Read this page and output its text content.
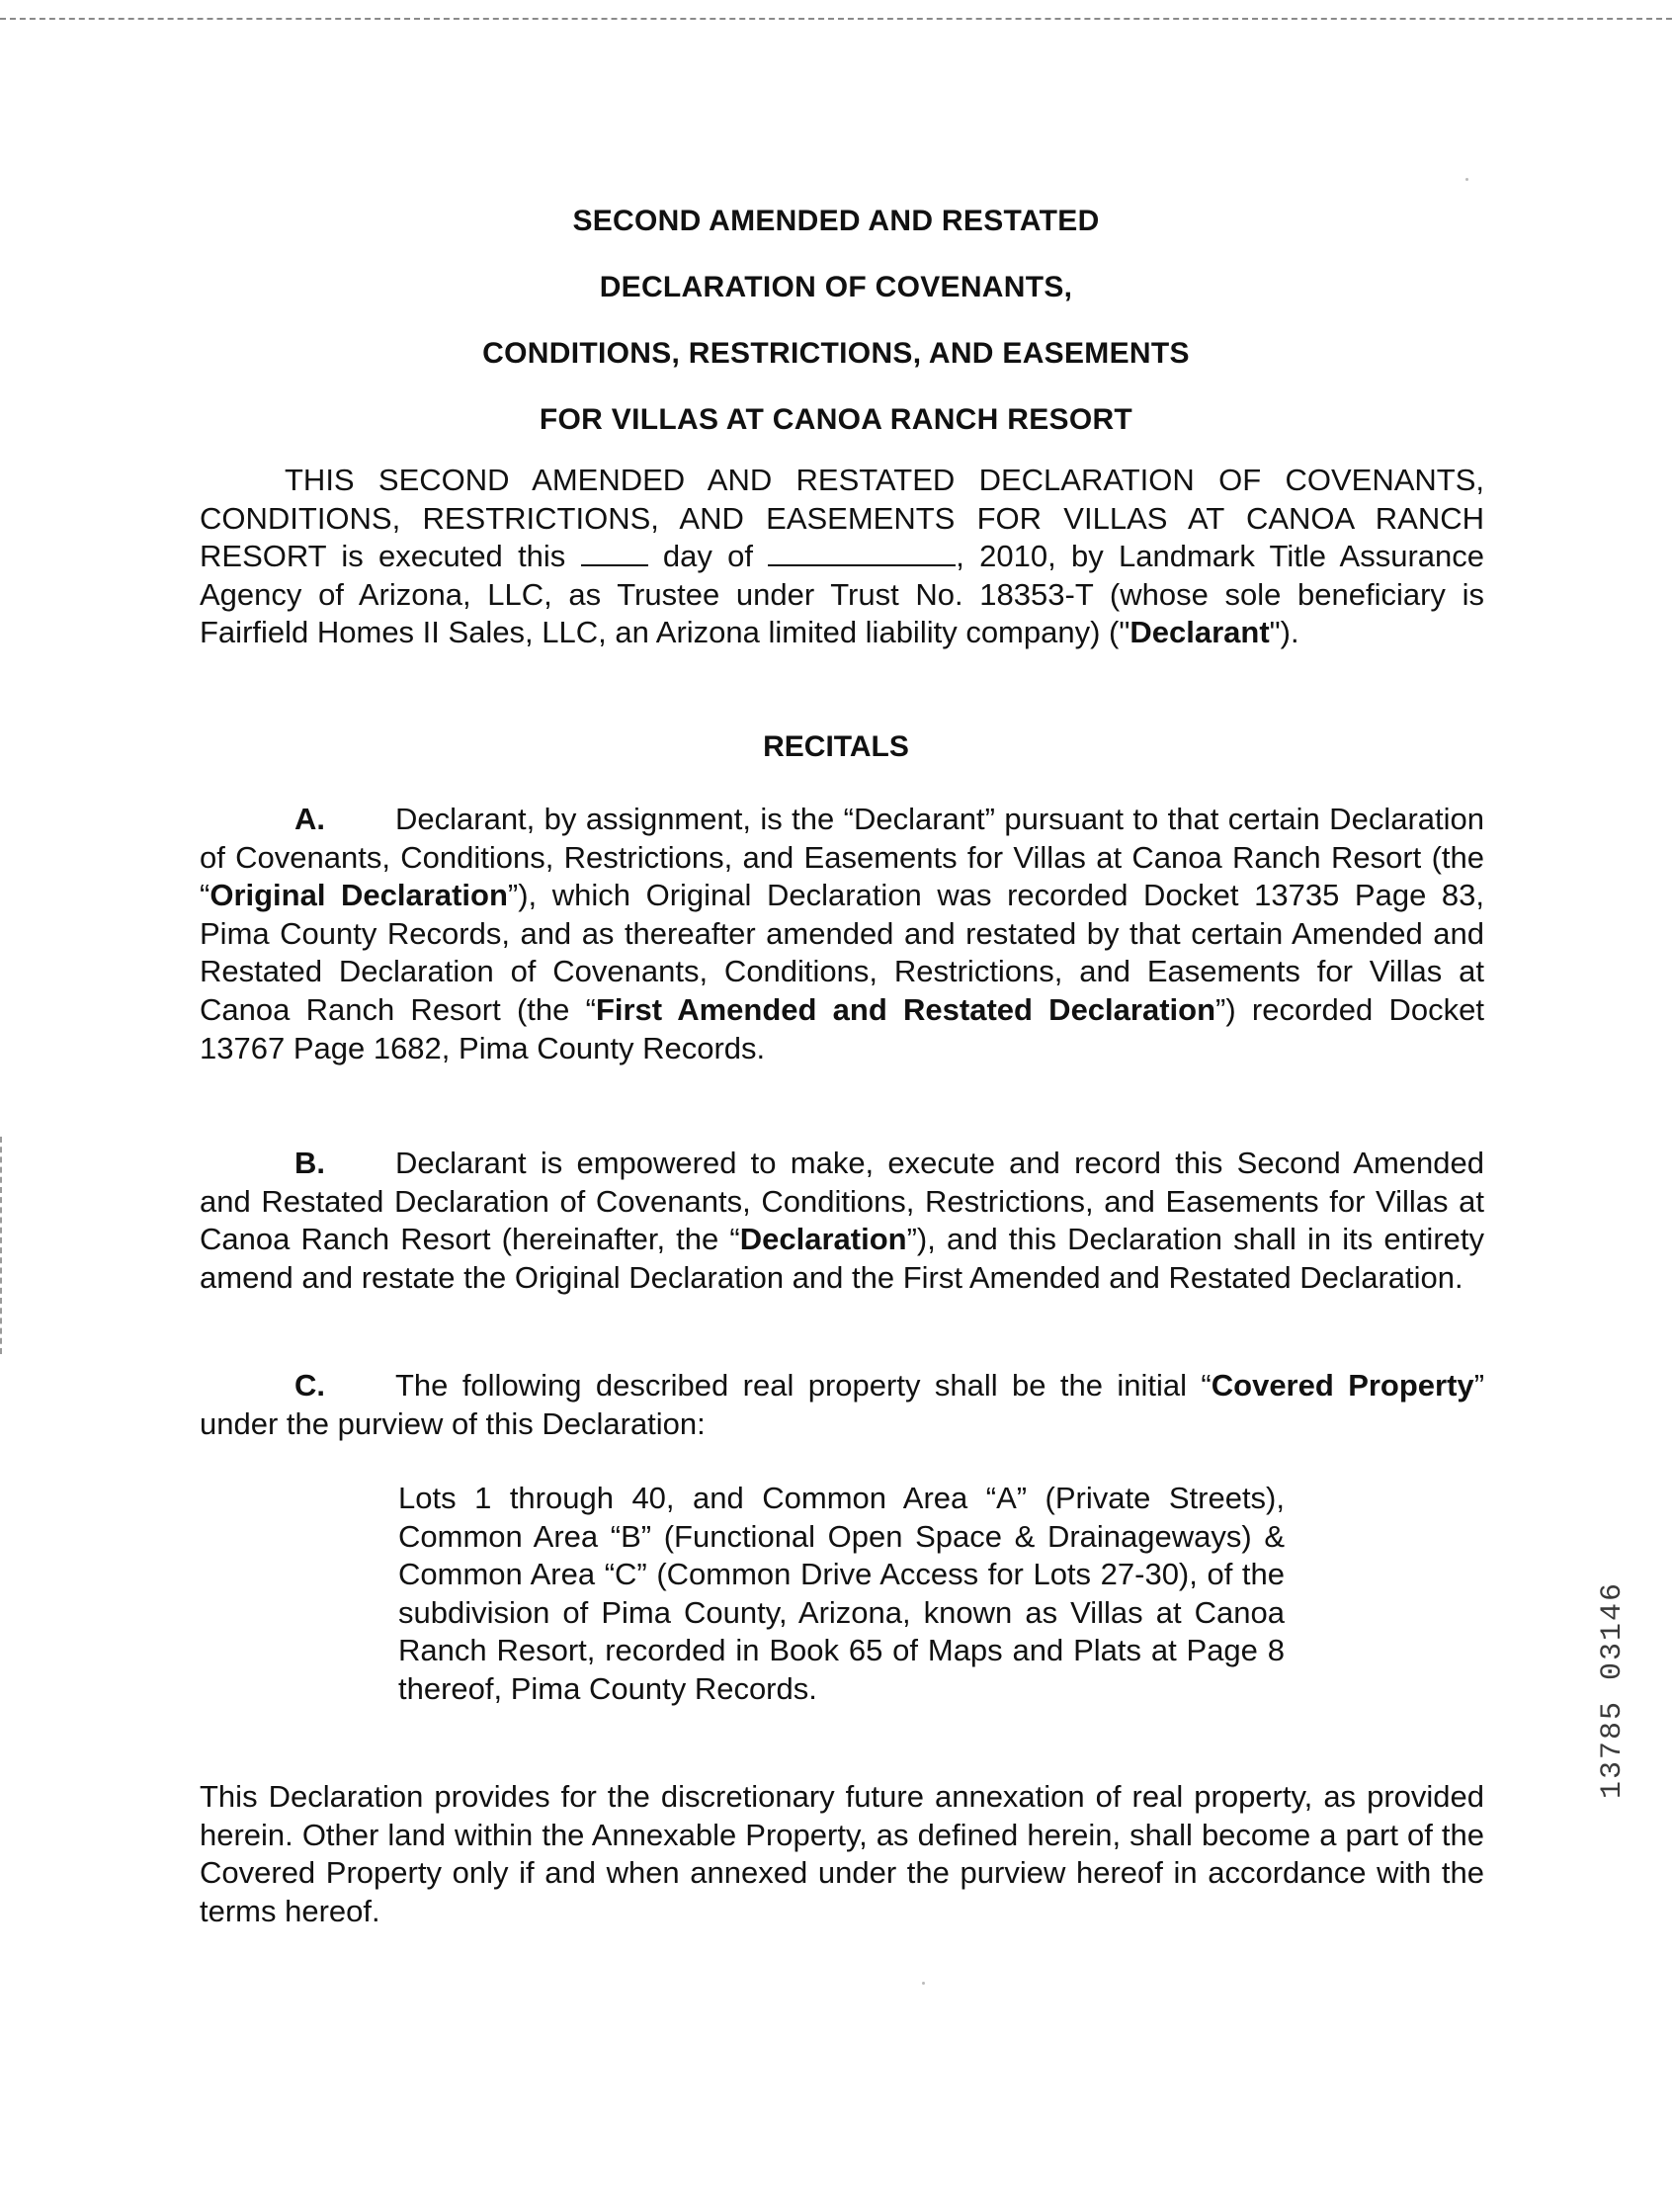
SECOND AMENDED AND RESTATED
DECLARATION OF COVENANTS,
CONDITIONS, RESTRICTIONS, AND EASEMENTS
FOR VILLAS AT CANOA RANCH RESORT
THIS SECOND AMENDED AND RESTATED DECLARATION OF COVENANTS, CONDITIONS, RESTRICTIONS, AND EASEMENTS FOR VILLAS AT CANOA RANCH RESORT is executed this	day of	, 2010, by Landmark Title Assurance Agency of Arizona, LLC, as Trustee under Trust No. 18353-T (whose sole beneficiary is Fairfield Homes II Sales, LLC, an Arizona limited liability company) ("Declarant").
RECITALS
A. Declarant, by assignment, is the “Declarant” pursuant to that certain Declaration of Covenants, Conditions, Restrictions, and Easements for Villas at Canoa Ranch Resort (the “Original Declaration”), which Original Declaration was recorded Docket 13735 Page 83, Pima County Records, and as thereafter amended and restated by that certain Amended and Restated Declaration of Covenants, Conditions, Restrictions, and Easements for Villas at Canoa Ranch Resort (the “First Amended and Restated Declaration”) recorded Docket 13767 Page 1682, Pima County Records.
B. Declarant is empowered to make, execute and record this Second Amended and Restated Declaration of Covenants, Conditions, Restrictions, and Easements for Villas at Canoa Ranch Resort (hereinafter, the “Declaration”), and this Declaration shall in its entirety amend and restate the Original Declaration and the First Amended and Restated Declaration.
C. The following described real property shall be the initial “Covered Property” under the purview of this Declaration:
Lots 1 through 40, and Common Area “A” (Private Streets), Common Area “B” (Functional Open Space & Drainageways) & Common Area “C” (Common Drive Access for Lots 27-30), of the subdivision of Pima County, Arizona, known as Villas at Canoa Ranch Resort, recorded in Book 65 of Maps and Plats at Page 8 thereof, Pima County Records.
This Declaration provides for the discretionary future annexation of real property, as provided herein. Other land within the Annexable Property, as defined herein, shall become a part of the Covered Property only if and when annexed under the purview hereof in accordance with the terms hereof.
13785 03146
